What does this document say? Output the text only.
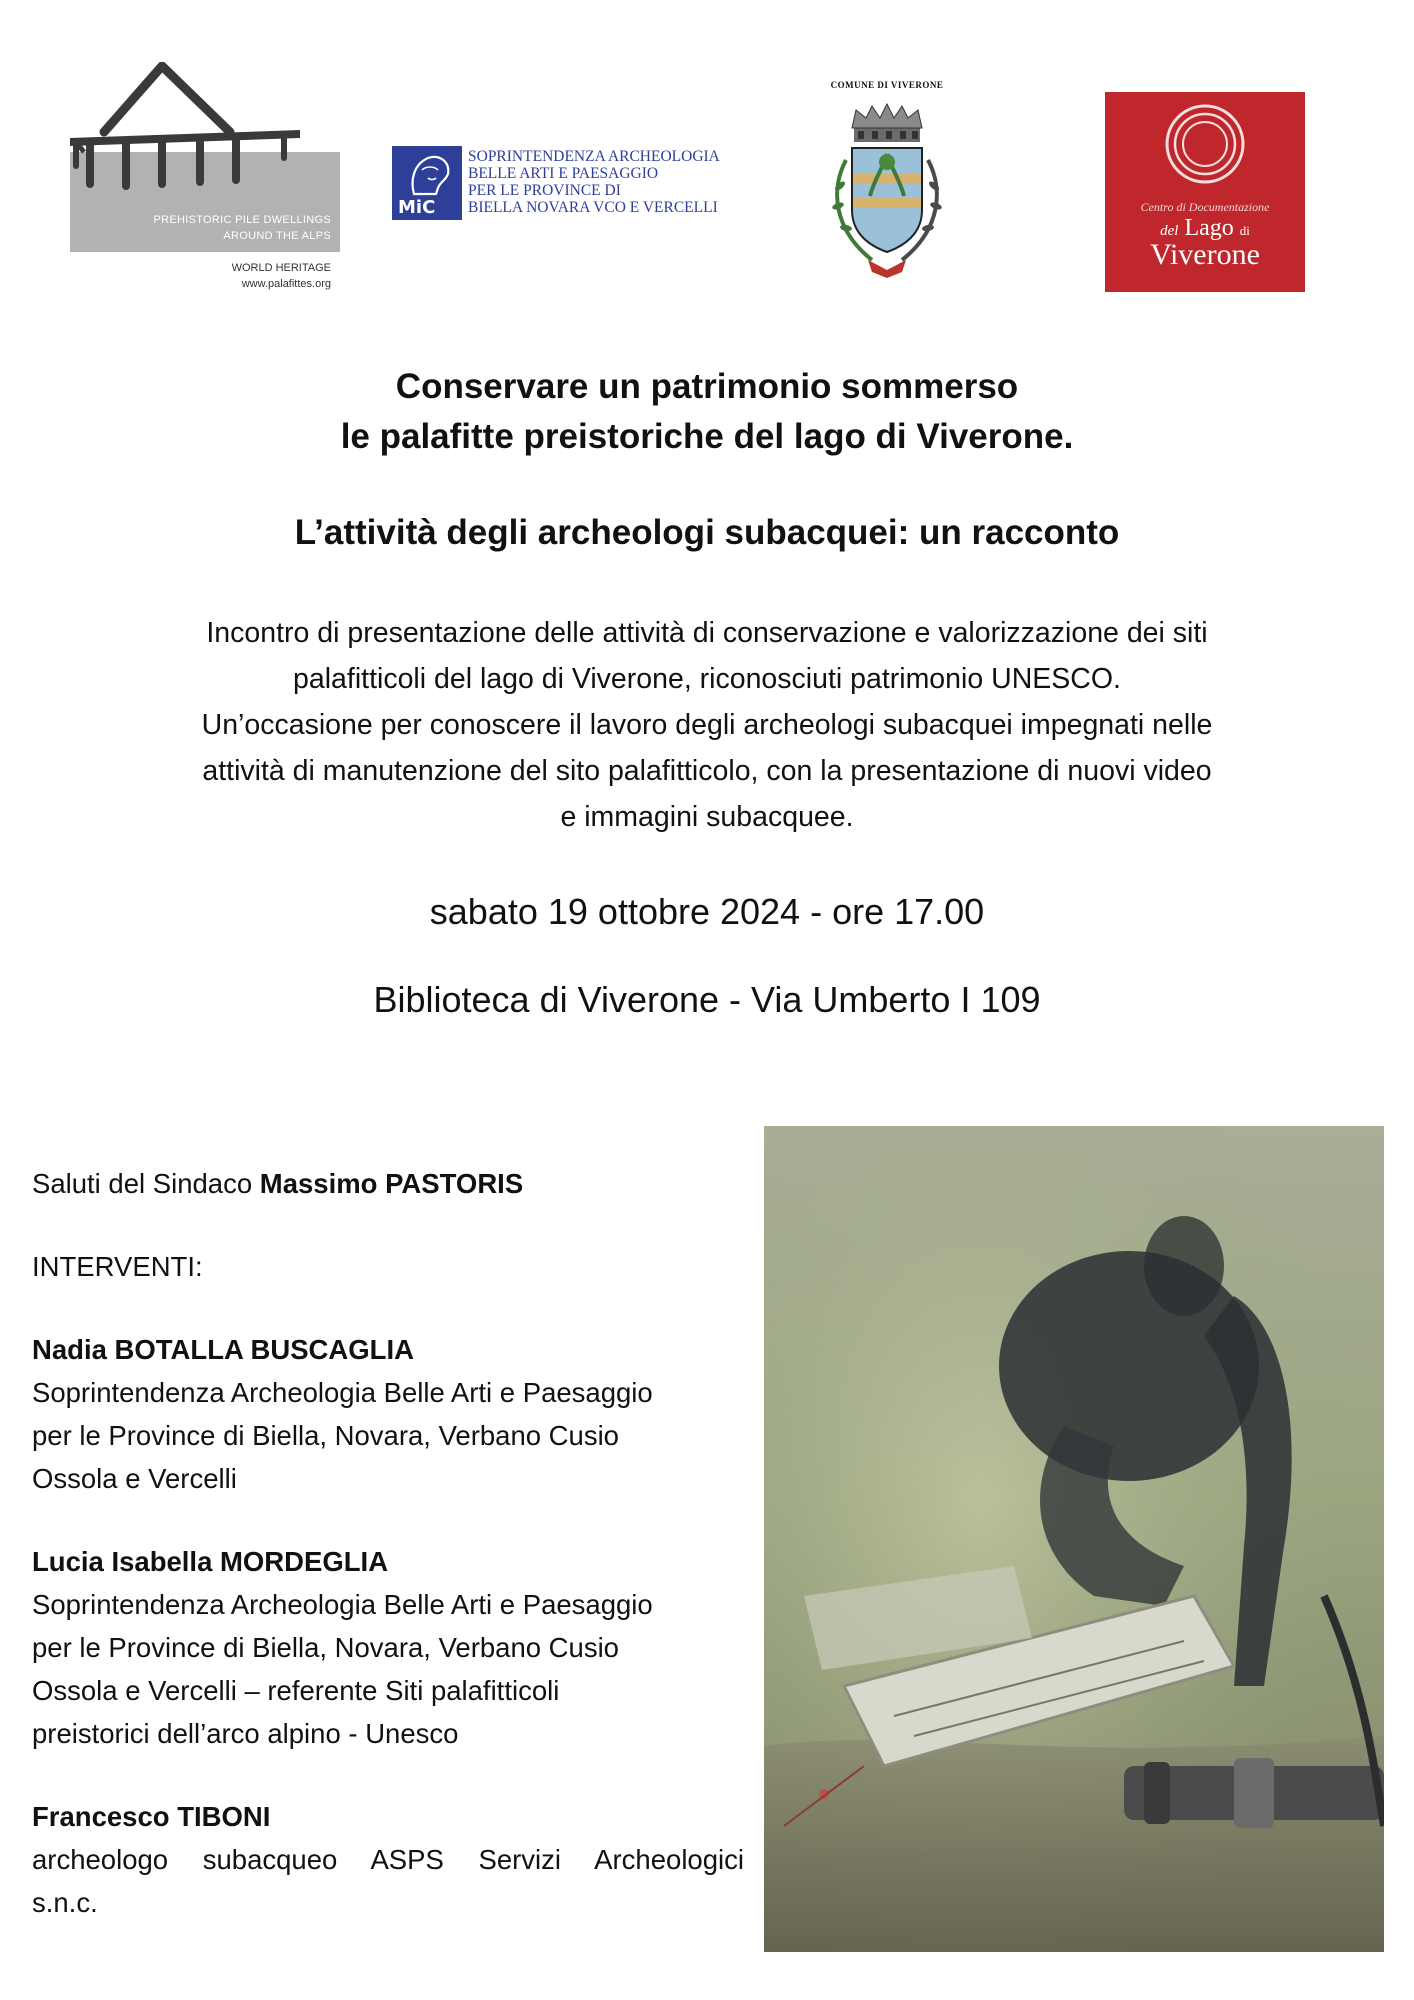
PREHISTORIC PILE DWELLINGS
AROUND THE ALPS
WORLD HERITAGE
www.palafittes.org
MiC
SOPRINTENDENZA ARCHEOLOGIA
BELLE ARTI E PAESAGGIO
PER LE PROVINCE DI
BIELLA NOVARA VCO E VERCELLI
COMUNE DI VIVERONE
Centro di Documentazione
del Lago di
Viverone
Conservare un patrimonio sommerso
le palafitte preistoriche del lago di Viverone.
L’attività degli archeologi subacquei: un racconto
Incontro di presentazione delle attività di conservazione e valorizzazione dei siti
palafitticoli del lago di Viverone, riconosciuti patrimonio UNESCO.
Un’occasione per conoscere il lavoro degli archeologi subacquei impegnati nelle
attività di manutenzione del sito palafitticolo, con la presentazione di nuovi video
e immagini subacquee.
sabato 19 ottobre 2024 - ore 17.00
Biblioteca di Viverone - Via Umberto I 109

Saluti del Sindaco Massimo PASTORIS

INTERVENTI:

Nadia BOTALLA BUSCAGLIA

Soprintendenza Archeologia Belle Arti e Paesaggio

per le Province di Biella, Novara, Verbano Cusio

Ossola e Vercelli

Lucia Isabella MORDEGLIA

Soprintendenza Archeologia Belle Arti e Paesaggio

per le Province di Biella, Novara, Verbano Cusio

Ossola e Vercelli – referente Siti palafitticoli

preistorici dell’arco alpino - Unesco

Francesco TIBONI

archeologo subacqueo ASPS Servizi Archeologici

s.n.c.
